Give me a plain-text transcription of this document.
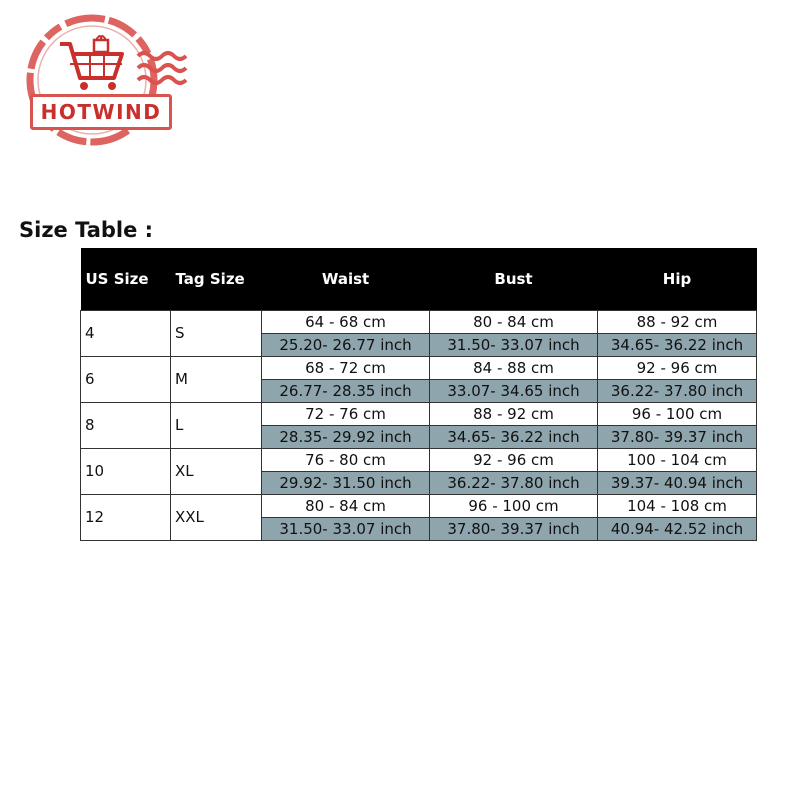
HOTWIND
Size Table :
US Size	Tag Size	Waist	Bust	Hip
4	S	64 - 68 cm	80 - 84 cm	88 - 92 cm
		25.20- 26.77 inch	31.50- 33.07 inch	34.65- 36.22 inch
6	M	68 - 72 cm	84 - 88 cm	92 - 96 cm
		26.77- 28.35 inch	33.07- 34.65 inch	36.22- 37.80 inch
8	L	72 - 76 cm	88 - 92 cm	96 - 100 cm
		28.35- 29.92 inch	34.65- 36.22 inch	37.80- 39.37 inch
10	XL	76 - 80 cm	92 - 96 cm	100 - 104 cm
		29.92- 31.50 inch	36.22- 37.80 inch	39.37- 40.94 inch
12	XXL	80 - 84 cm	96 - 100 cm	104 - 108 cm
		31.50- 33.07 inch	37.80- 39.37 inch	40.94- 42.52 inch
